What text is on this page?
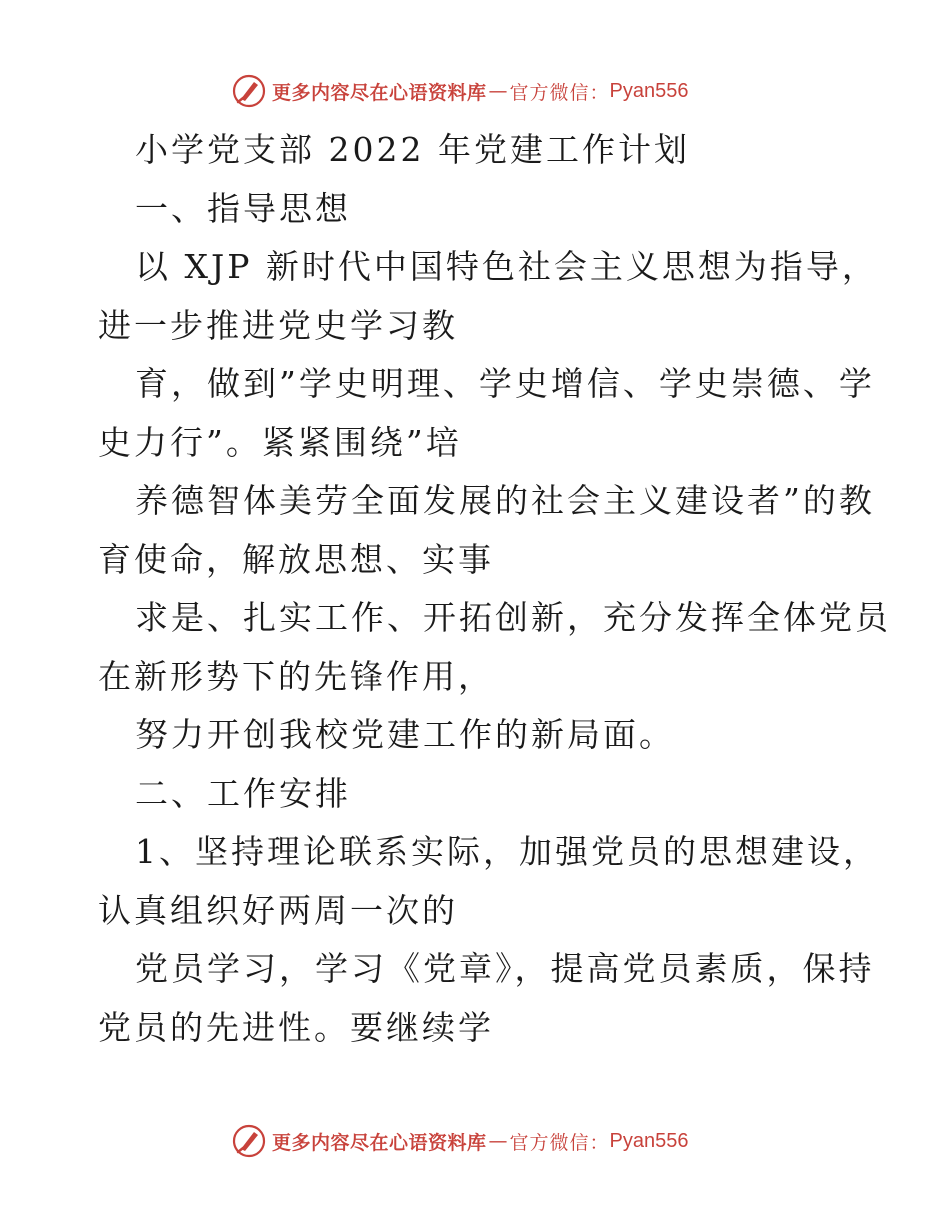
更多内容尽在心语资料库 — 官方微信： Pyan556

小学党支部 2022 年党建工作计划

一、指导思想

以 XJP 新时代中国特色社会主义思想为指导，

进一步推进党史学习教

育，做到”学史明理、学史增信、学史崇德、学

史力行”。紧紧围绕”培

养德智体美劳全面发展的社会主义建设者”的教

育使命，解放思想、实事

求是、扎实工作、开拓创新，充分发挥全体党员

在新形势下的先锋作用，

努力开创我校党建工作的新局面。

二、工作安排

1、坚持理论联系实际，加强党员的思想建设，

认真组织好两周一次的

党员学习，学习《党章》，提高党员素质，保持

党员的先进性。要继续学

更多内容尽在心语资料库 — 官方微信： Pyan556
